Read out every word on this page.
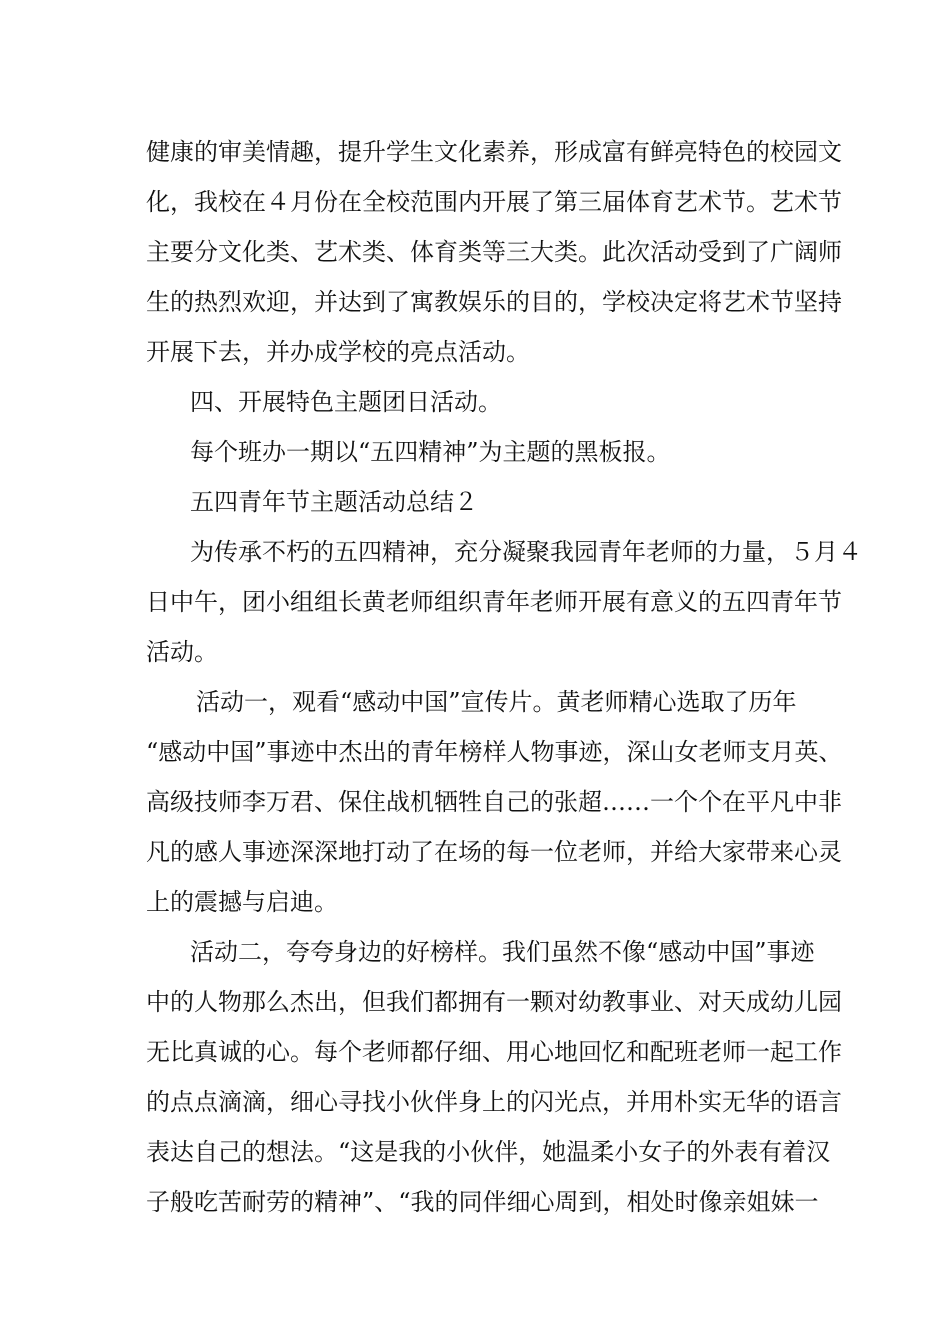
健康的审美情趣，提升学生文化素养，形成富有鲜亮特色的校园文
化，我校在４月份在全校范围内开展了第三届体育艺术节。艺术节
主要分文化类、艺术类、体育类等三大类。此次活动受到了广阔师
生的热烈欢迎，并达到了寓教娱乐的目的，学校决定将艺术节坚持
开展下去，并办成学校的亮点活动。
四、开展特色主题团日活动。
每个班办一期以“五四精神”为主题的黑板报。
五四青年节主题活动总结２
为传承不朽的五四精神，充分凝聚我园青年老师的力量，５月４
日中午，团小组组长黄老师组织青年老师开展有意义的五四青年节
活动。
活动一，观看“感动中国”宣传片。黄老师精心选取了历年
“感动中国”事迹中杰出的青年榜样人物事迹，深山女老师支月英、
高级技师李万君、保住战机牺牲自己的张超……一个个在平凡中非
凡的感人事迹深深地打动了在场的每一位老师，并给大家带来心灵
上的震撼与启迪。
活动二，夸夸身边的好榜样。我们虽然不像“感动中国”事迹
中的人物那么杰出，但我们都拥有一颗对幼教事业、对天成幼儿园
无比真诚的心。每个老师都仔细、用心地回忆和配班老师一起工作
的点点滴滴，细心寻找小伙伴身上的闪光点，并用朴实无华的语言
表达自己的想法。“这是我的小伙伴，她温柔小女子的外表有着汉
子般吃苦耐劳的精神”、“我的同伴细心周到，相处时像亲姐妹一
